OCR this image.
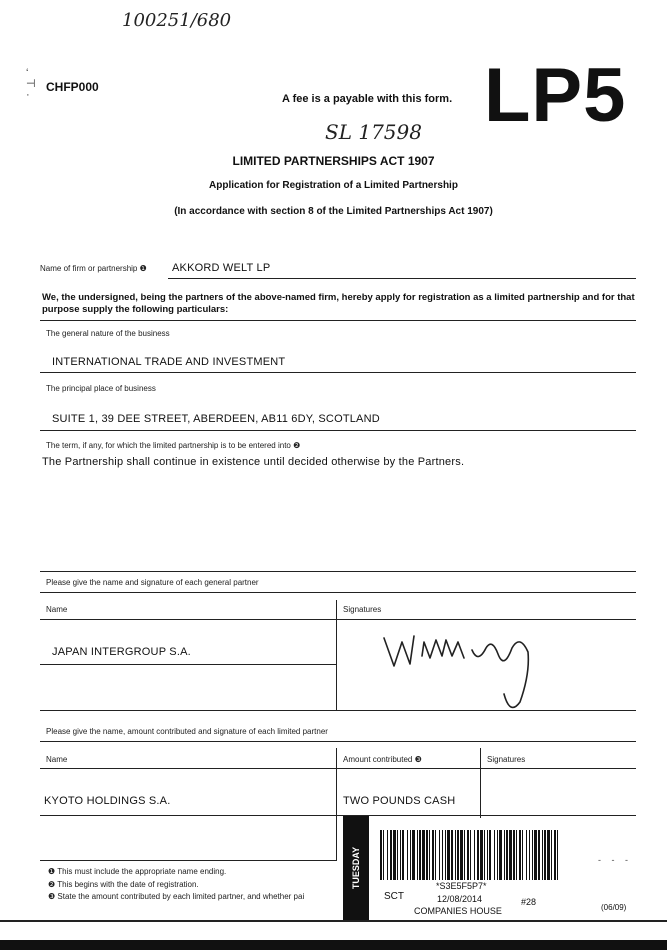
100251/680
‘
⊣
·
CHFP000
A fee is a payable with this form. LP5
SL 17598
LIMITED PARTNERSHIPS ACT 1907
Application for Registration of a Limited Partnership
(In accordance with section 8 of the Limited Partnerships Act 1907)
Name of firm or partnership ❶ AKKORD WELT LP
We, the undersigned, being the partners of the above-named firm, hereby apply for registration as a limited partnership and for that purpose supply the following particulars:
The general nature of the business
INTERNATIONAL TRADE AND INVESTMENT
The principal place of business
SUITE 1, 39 DEE STREET, ABERDEEN, AB11 6DY, SCOTLAND
The term, if any, for which the limited partnership is to be entered into ❷
The Partnership shall continue in existence until decided otherwise by the Partners.
Please give the name and signature of each general partner
Name	Signatures
JAPAN INTERGROUP S.A.
Please give the name, amount contributed and signature of each limited partner
Name	Amount contributed ❸	Signatures
KYOTO HOLDINGS S.A.	TWO POUNDS CASH
❶ This must include the appropriate name ending.
❷ This begins with the date of registration.
❸ State the amount contributed by each limited partner, and whether pai
TUESDAY	*S3E5F5P7*
SCT	12/08/2014	#28
COMPANIES HOUSE	(06/09)
- - -
